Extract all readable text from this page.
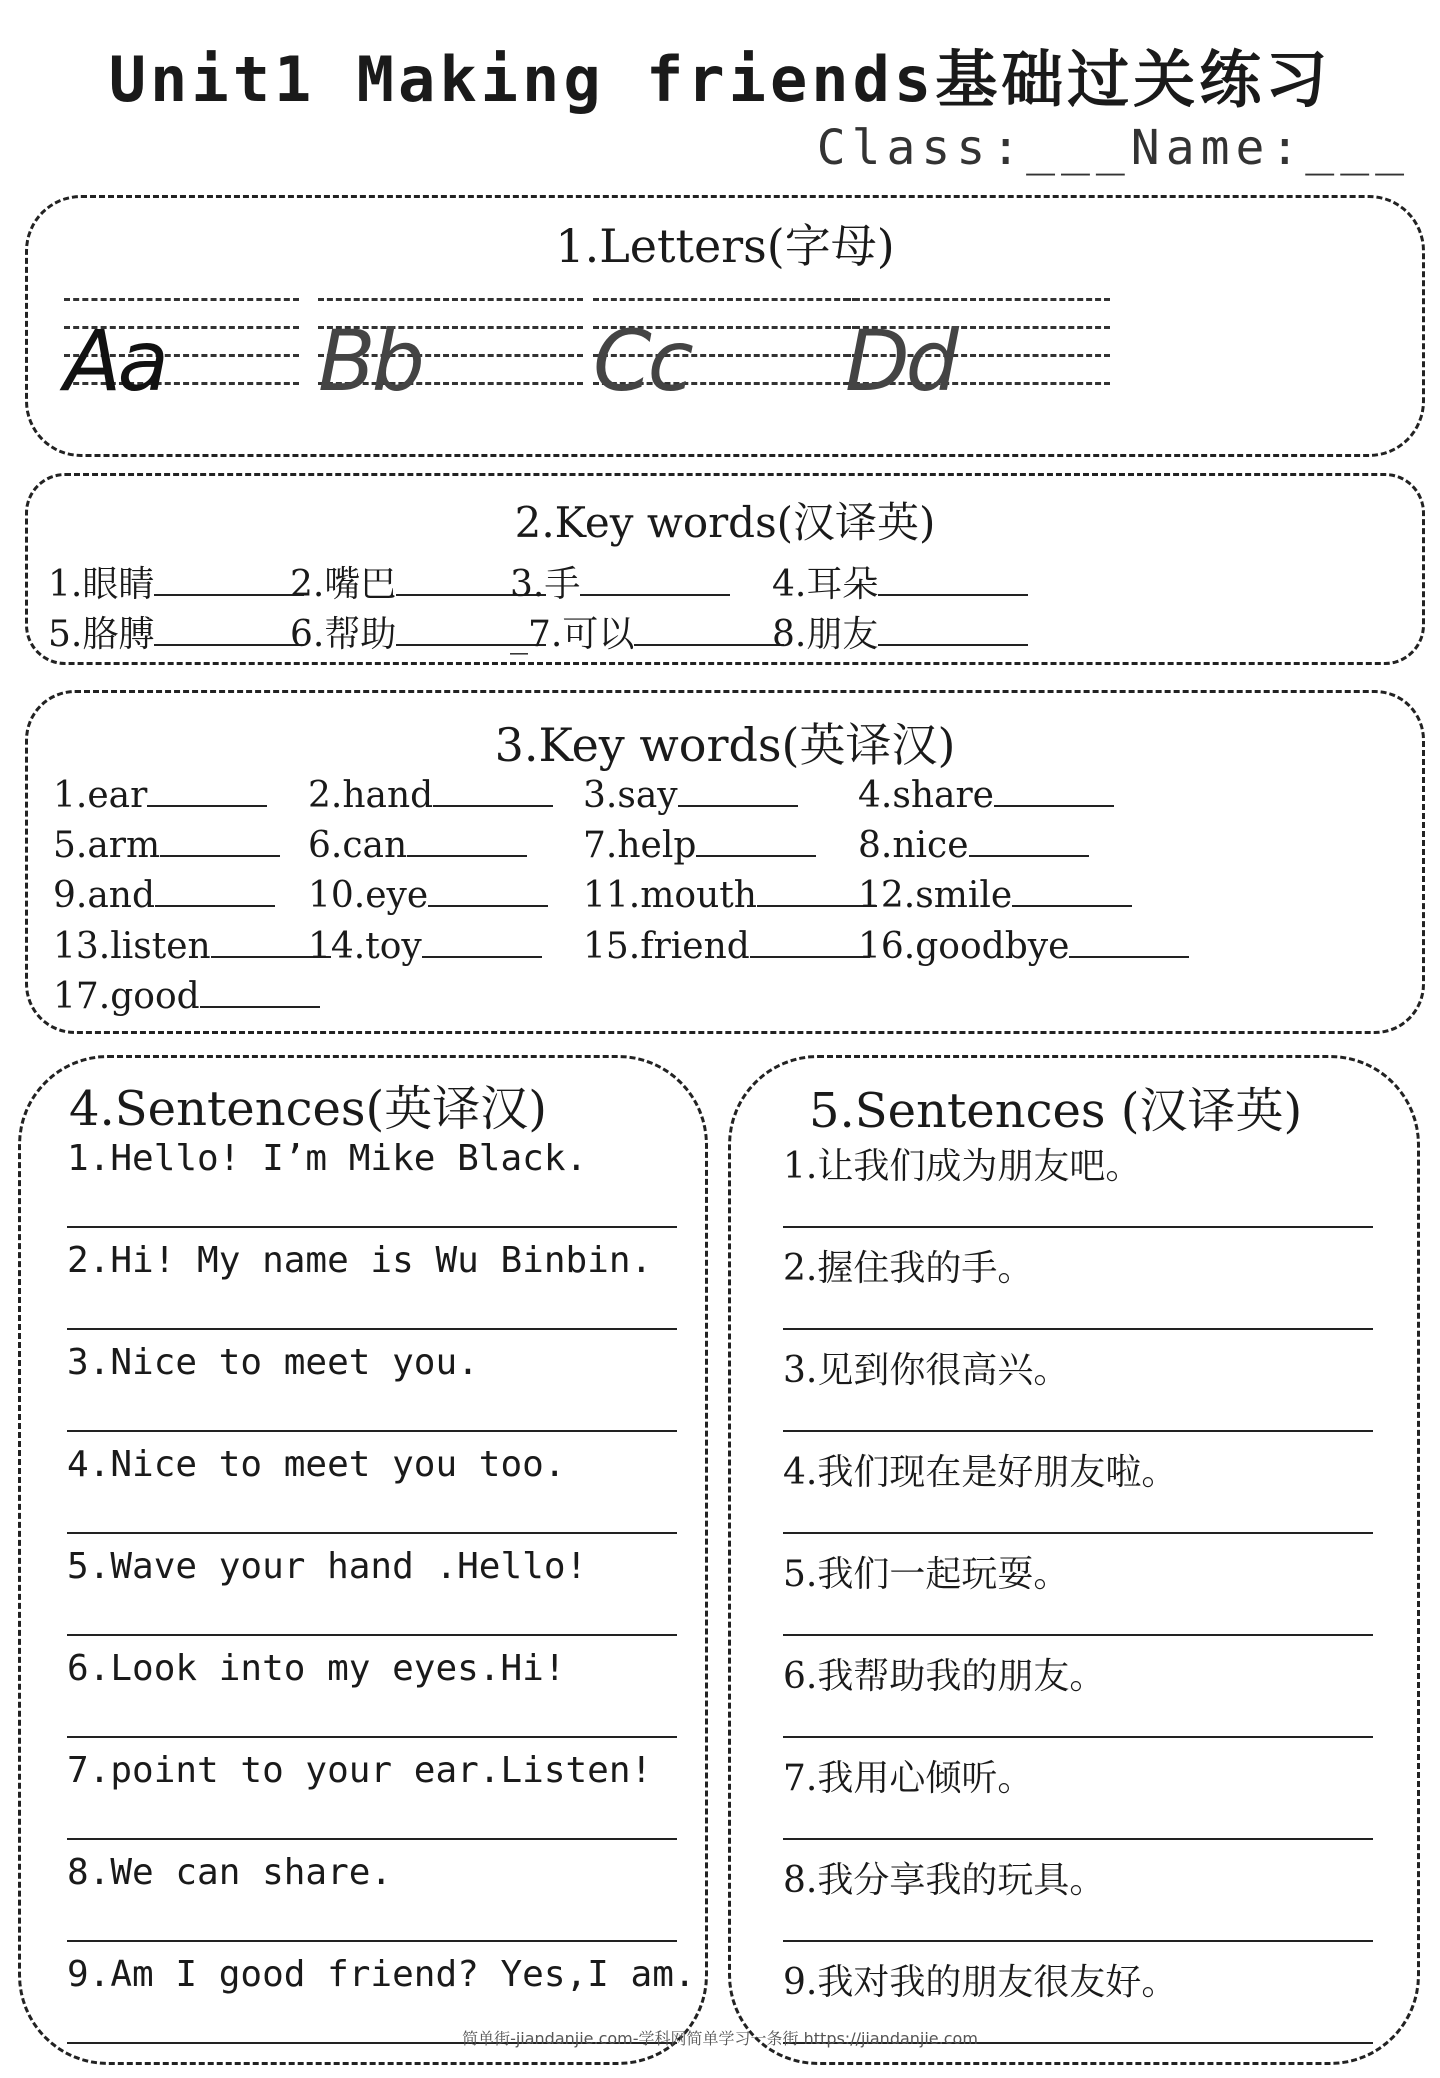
Unit1 Making friends基础过关练习
Class:___Name:___
1.Letters(字母)
Aa Bb Cc Dd
2.Key words(汉译英)
1.眼睛	2.嘴巴	3.手	4.耳朵
5.胳膊	6.帮助	_7.可以	8.朋友
3.Key words(英译汉)
1.ear	2.hand	3.say	4.share
5.arm	6.can	7.help	8.nice
9.and	10.eye	11.mouth	12.smile
13.listen	14.toy	15.friend	16.goodbye
17.good
4.Sentences(英译汉)
1.Hello! I’m Mike Black.
2.Hi! My name is Wu Binbin.
3.Nice to meet you.
4.Nice to meet you too.
5.Wave your hand .Hello!
6.Look into my eyes.Hi!
7.point to your ear.Listen!
8.We can share.
9.Am I good friend? Yes,I am.
5.Sentences (汉译英)
1.让我们成为朋友吧。
2.握住我的手。
3.见到你很高兴。
4.我们现在是好朋友啦。
5.我们一起玩耍。
6.我帮助我的朋友。
7.我用心倾听。
8.我分享我的玩具。
9.我对我的朋友很友好。
简单街-jiandanjie.com-学科网简单学习一条街 https://jiandanjie.com
